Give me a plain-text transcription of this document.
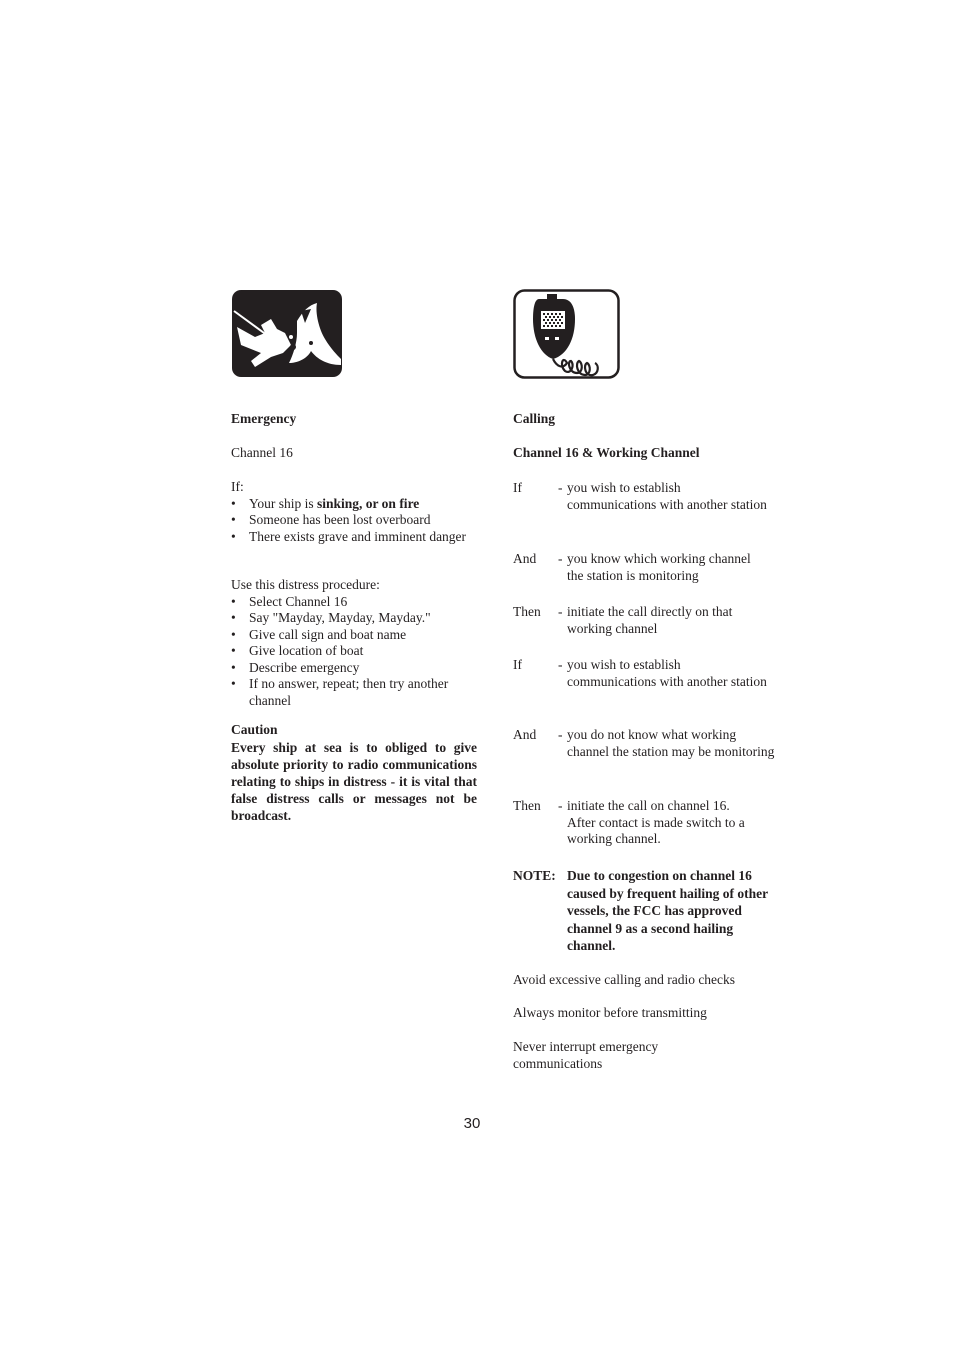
Emergency
Channel 16
If:
• Your ship is sinking, or on fire
• Someone has been lost overboard
• There exists grave and imminent danger
Use this distress procedure:
• Select Channel 16
• Say "Mayday, Mayday, Mayday."
• Give call sign and boat name
• Give location of boat
• Describe emergency
• If no answer, repeat; then try another channel
Caution
Every ship at sea is to obliged to give absolute priority to radio communications relating to ships in distress - it is vital that false distress calls or messages not be broadcast.
Calling
Channel 16 & Working Channel
If	- you wish to establish
communications with another station
And - you know which working channel
the station is monitoring
Then - initiate the call directly on that
working channel
If	- you wish to establish
communications with another station
And - you do not know what working
channel the station may be monitoring
Then - initiate the call on channel 16.
After contact is made switch to a working channel.
NOTE: Due to congestion on channel 16 caused by frequent hailing of other vessels, the FCC has approved channel 9 as a second hailing channel.
Avoid excessive calling and radio checks
Always monitor before transmitting
Never interrupt emergency communications
30
